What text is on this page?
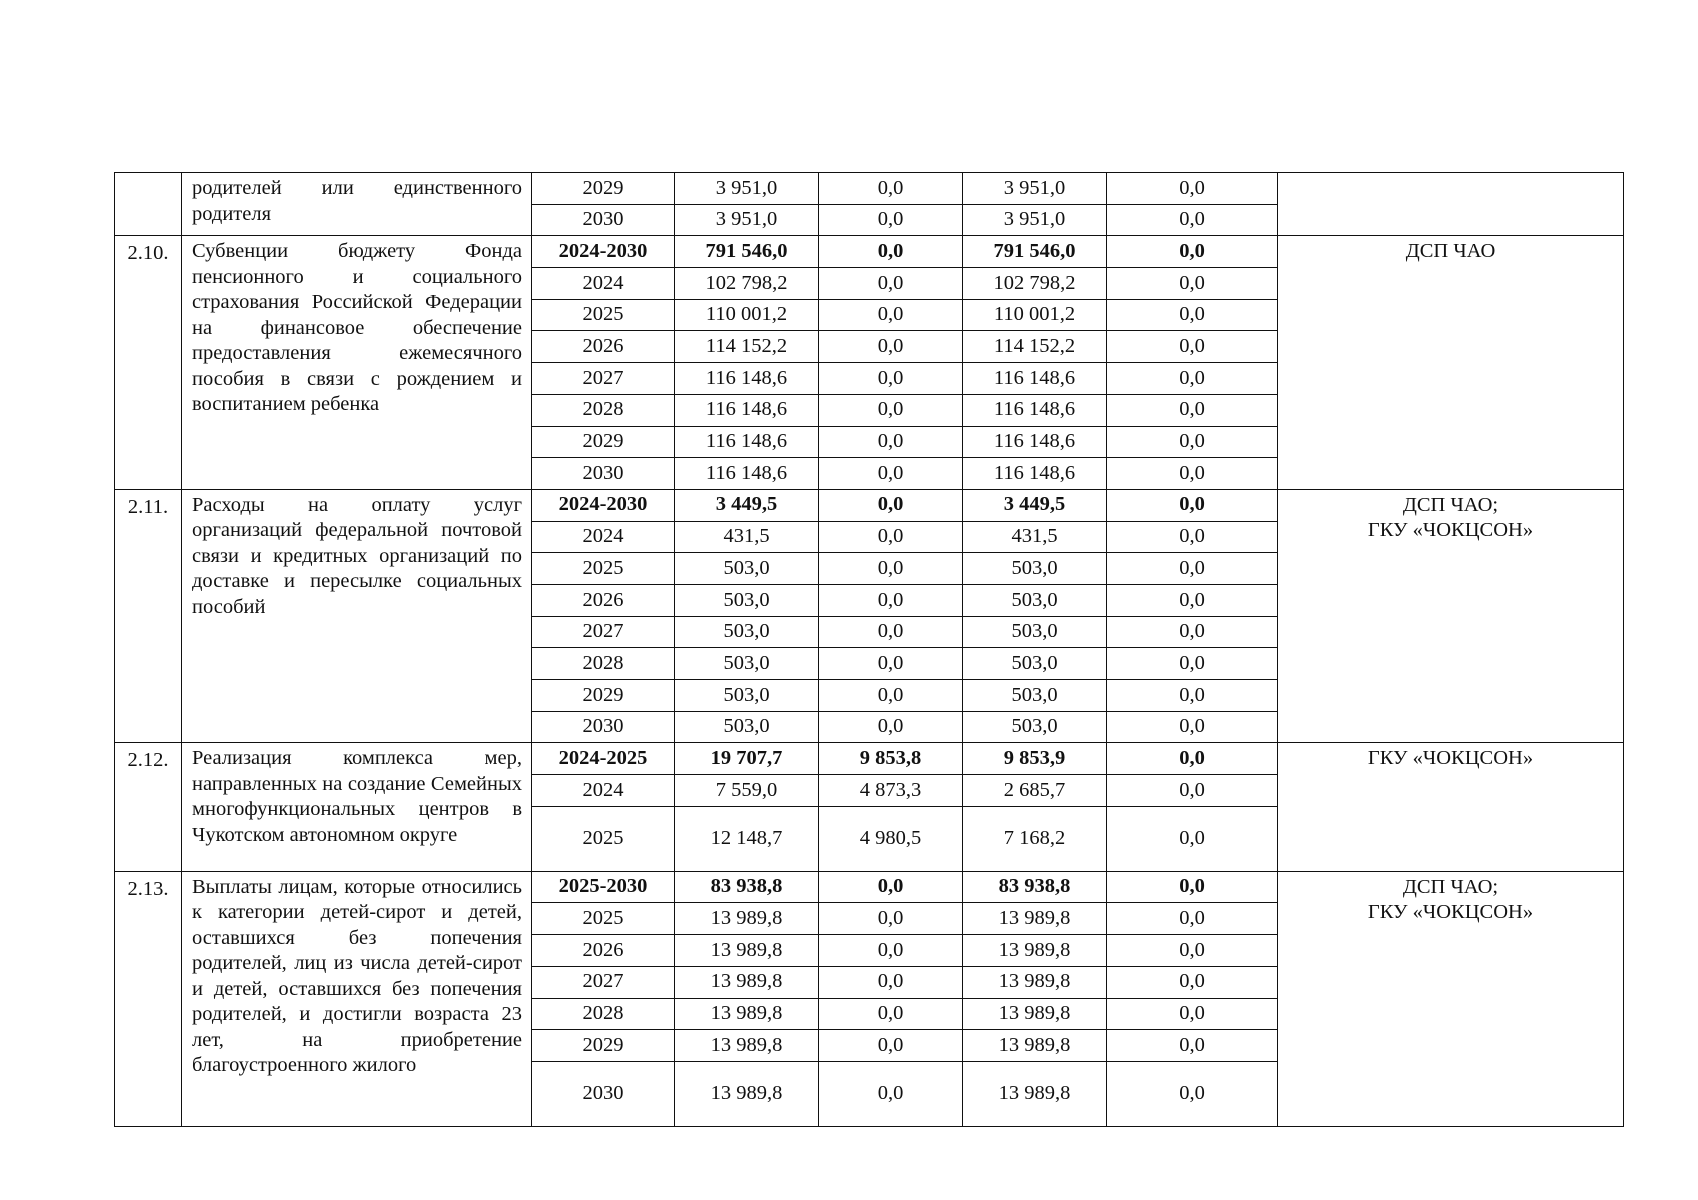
	родителей или единственного родителя	2029	3 951,0	0,0	3 951,0	0,0	
		2030	3 951,0	0,0	3 951,0	0,0	
2.10.	Субвенции бюджету Фонда пенсионного и социального страхования Российской Федерации на финансовое обеспечение предоставления ежемесячного пособия в связи с рождением и воспитанием ребенка	2024-2030	791 546,0	0,0	791 546,0	0,0	ДСП ЧАО

		2024	102 798,2	0,0	102 798,2	0,0	
		2025	110 001,2	0,0	110 001,2	0,0	
		2026	114 152,2	0,0	114 152,2	0,0	
		2027	116 148,6	0,0	116 148,6	0,0	
		2028	116 148,6	0,0	116 148,6	0,0	
		2029	116 148,6	0,0	116 148,6	0,0	
		2030	116 148,6	0,0	116 148,6	0,0	
2.11.	Расходы на оплату услуг организаций федеральной почтовой связи и кредитных организаций по доставке и пересылке социальных пособий	2024-2030	3 449,5	0,0	3 449,5	0,0	ДСП ЧАО;
ГКУ «ЧОКЦСОН»

		2024	431,5	0,0	431,5	0,0	
		2025	503,0	0,0	503,0	0,0	
		2026	503,0	0,0	503,0	0,0	
		2027	503,0	0,0	503,0	0,0	
		2028	503,0	0,0	503,0	0,0	
		2029	503,0	0,0	503,0	0,0	
		2030	503,0	0,0	503,0	0,0	
2.12.	Реализация комплекса мер, направленных на создание Семейных многофункциональных центров в Чукотском автономном округе	2024-2025	19 707,7	9 853,8	9 853,9	0,0	ГКУ «ЧОКЦСОН»

		2024	7 559,0	4 873,3	2 685,7	0,0	
		2025	12 148,7	4 980,5	7 168,2	0,0	
2.13.	Выплаты лицам, которые относились к категории детей-сирот и детей, оставшихся без попечения родителей, лиц из числа детей-сирот и детей, оставшихся без попечения родителей, и достигли возраста 23 лет, на приобретение благоустроенного жилого	2025-2030	83 938,8	0,0	83 938,8	0,0	ДСП ЧАО;
ГКУ «ЧОКЦСОН»

		2025	13 989,8	0,0	13 989,8	0,0	
		2026	13 989,8	0,0	13 989,8	0,0	
		2027	13 989,8	0,0	13 989,8	0,0	
		2028	13 989,8	0,0	13 989,8	0,0	
		2029	13 989,8	0,0	13 989,8	0,0	
		2030	13 989,8	0,0	13 989,8	0,0	
